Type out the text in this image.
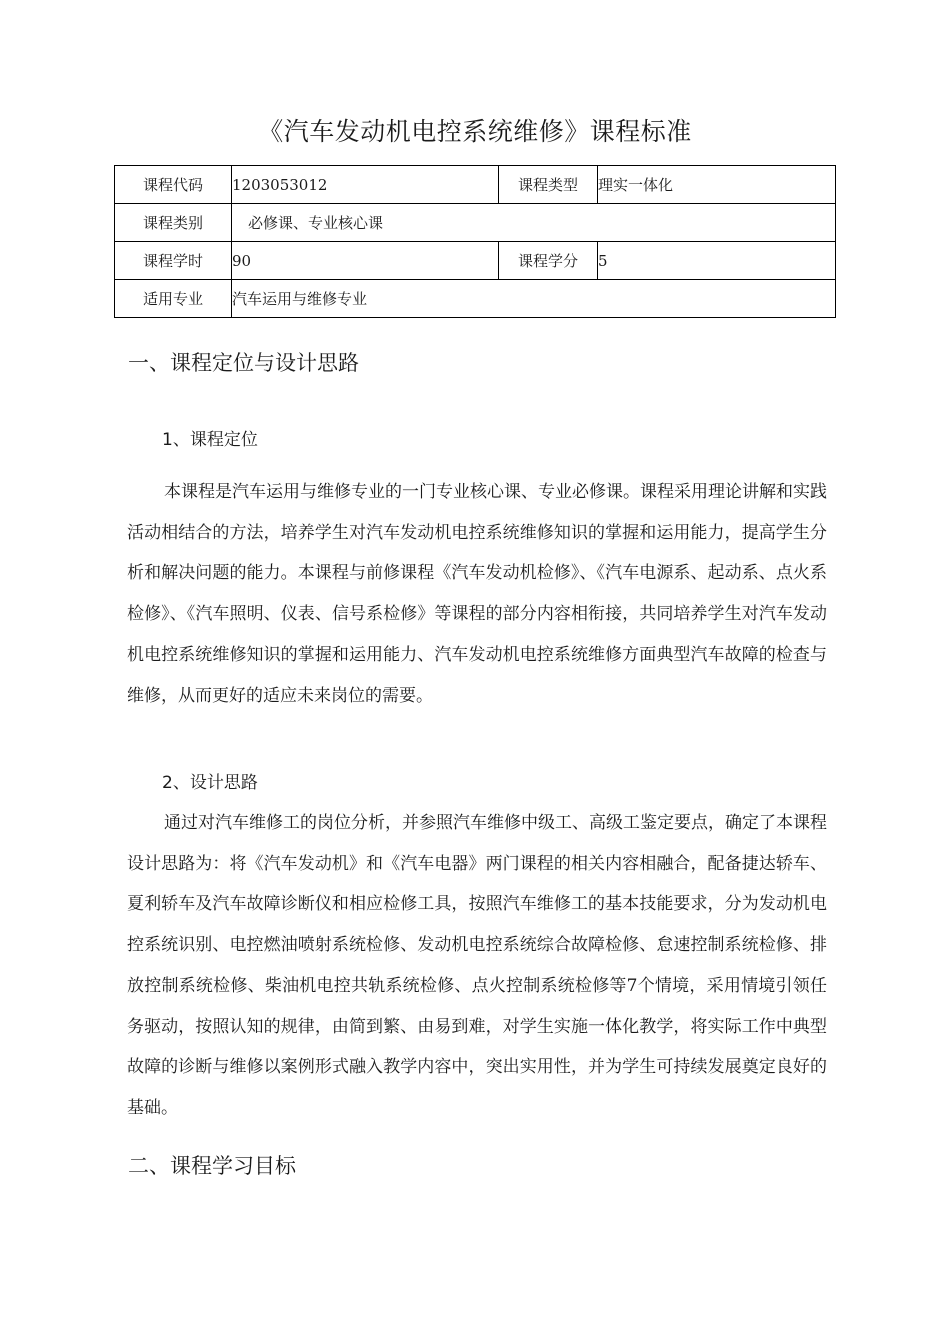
《汽车发动机电控系统维修》课程标准
课程代码	1203053012	课程类型	理实一体化
课程类别	必修课、专业核心课		
课程学时	90	课程学分	5
适用专业	汽车运用与维修专业		
一、课程定位与设计思路
1、课程定位

本课程是汽车运用与维修专业的一门专业核心课、专业必修课。课程采用理论讲解和实践活动相结合的方法，培养学生对汽车发动机电控系统维修知识的掌握和运用能力，提高学生分析和解决问题的能力。本课程与前修课程《汽车发动机检修》、《汽车电源系、起动系、点火系检修》、《汽车照明、仪表、信号系检修》等课程的部分内容相衔接，共同培养学生对汽车发动机电控系统维修知识的掌握和运用能力、汽车发动机电控系统维修方面典型汽车故障的检查与维修，从而更好的适应未来岗位的需要。

2、设计思路

通过对汽车维修工的岗位分析，并参照汽车维修中级工、高级工鉴定要点，确定了本课程设计思路为：将《汽车发动机》和《汽车电器》两门课程的相关内容相融合，配备捷达轿车、夏利轿车及汽车故障诊断仪和相应检修工具，按照汽车维修工的基本技能要求，分为发动机电控系统识别、电控燃油喷射系统检修、发动机电控系统综合故障检修、怠速控制系统检修、排放控制系统检修、柴油机电控共轨系统检修、点火控制系统检修等7个情境，采用情境引领任务驱动，按照认知的规律，由简到繁、由易到难，对学生实施一体化教学，将实际工作中典型故障的诊断与维修以案例形式融入教学内容中，突出实用性，并为学生可持续发展奠定良好的基础。

二、课程学习目标
